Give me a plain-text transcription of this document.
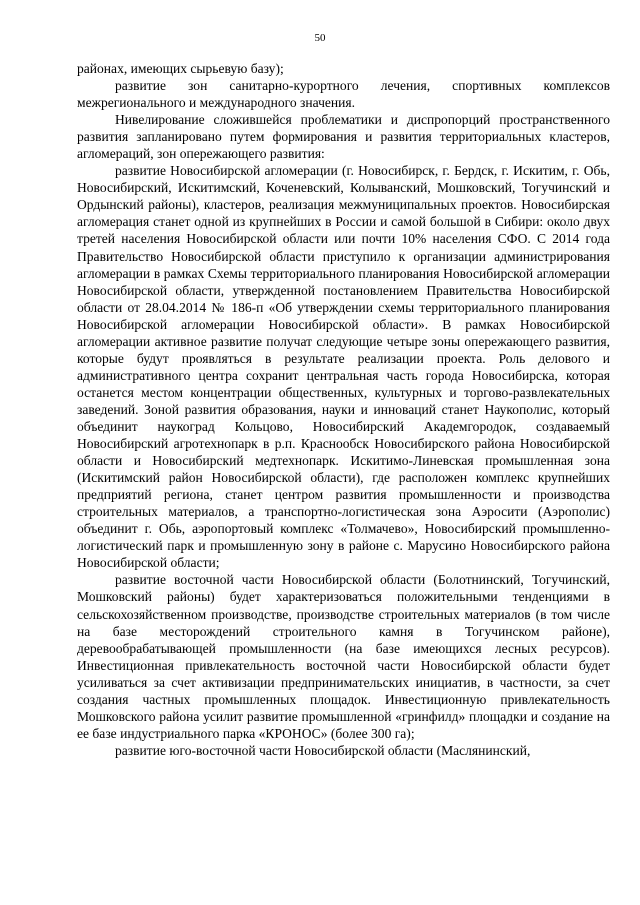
50

районах, имеющих сырьевую базу);

развитие зон санитарно-курортного лечения, спортивных комплексов межрегионального и международного значения.

Нивелирование сложившейся проблематики и диспропорций пространственного развития запланировано путем формирования и развития территориальных кластеров, агломераций, зон опережающего развития:

развитие Новосибирской агломерации (г. Новосибирск, г. Бердск, г. Искитим, г. Обь, Новосибирский, Искитимский, Коченевский, Колыванский, Мошковский, Тогучинский и Ордынский районы), кластеров, реализация межмуниципальных проектов. Новосибирская агломерация станет одной из крупнейших в России и самой большой в Сибири: около двух третей населения Новосибирской области или почти 10% населения СФО. С 2014 года Правительство Новосибирской области приступило к организации администрирования агломерации в рамках Схемы территориального планирования Новосибирской агломерации Новосибирской области, утвержденной постановлением Правительства Новосибирской области от 28.04.2014 № 186-п «Об утверждении схемы территориального планирования Новосибирской агломерации Новосибирской области». В рамках Новосибирской агломерации активное развитие получат следующие четыре зоны опережающего развития, которые будут проявляться в результате реализации проекта. Роль делового и административного центра сохранит центральная часть города Новосибирска, которая останется местом концентрации общественных, культурных и торгово-развлекательных заведений. Зоной развития образования, науки и инноваций станет Наукополис, который объединит наукоград Кольцово, Новосибирский Академгородок, создаваемый Новосибирский агротехнопарк в р.п. Краснообск Новосибирского района Новосибирской области и Новосибирский медтехнопарк. Искитимо-Линевская промышленная зона (Искитимский район Новосибирской области), где расположен комплекс крупнейших предприятий региона, станет центром развития промышленности и производства строительных материалов, а транспортно-логистическая зона Аэросити (Аэрополис) объединит г. Обь, аэропортовый комплекс «Толмачево», Новосибирский промышленно-логистический парк и промышленную зону в районе с. Марусино Новосибирского района Новосибирской области;

развитие восточной части Новосибирской области (Болотнинский, Тогучинский, Мошковский районы) будет характеризоваться положительными тенденциями в сельскохозяйственном производстве, производстве строительных материалов (в том числе на базе месторождений строительного камня в Тогучинском районе), деревообрабатывающей промышленности (на базе имеющихся лесных ресурсов). Инвестиционная привлекательность восточной части Новосибирской области будет усиливаться за счет активизации предпринимательских инициатив, в частности, за счет создания частных промышленных площадок. Инвестиционную привлекательность Мошковского района усилит развитие промышленной «гринфилд» площадки и создание на ее базе индустриального парка «КРОНОС» (более 300 га);

развитие юго-восточной части Новосибирской области (Маслянинский,
